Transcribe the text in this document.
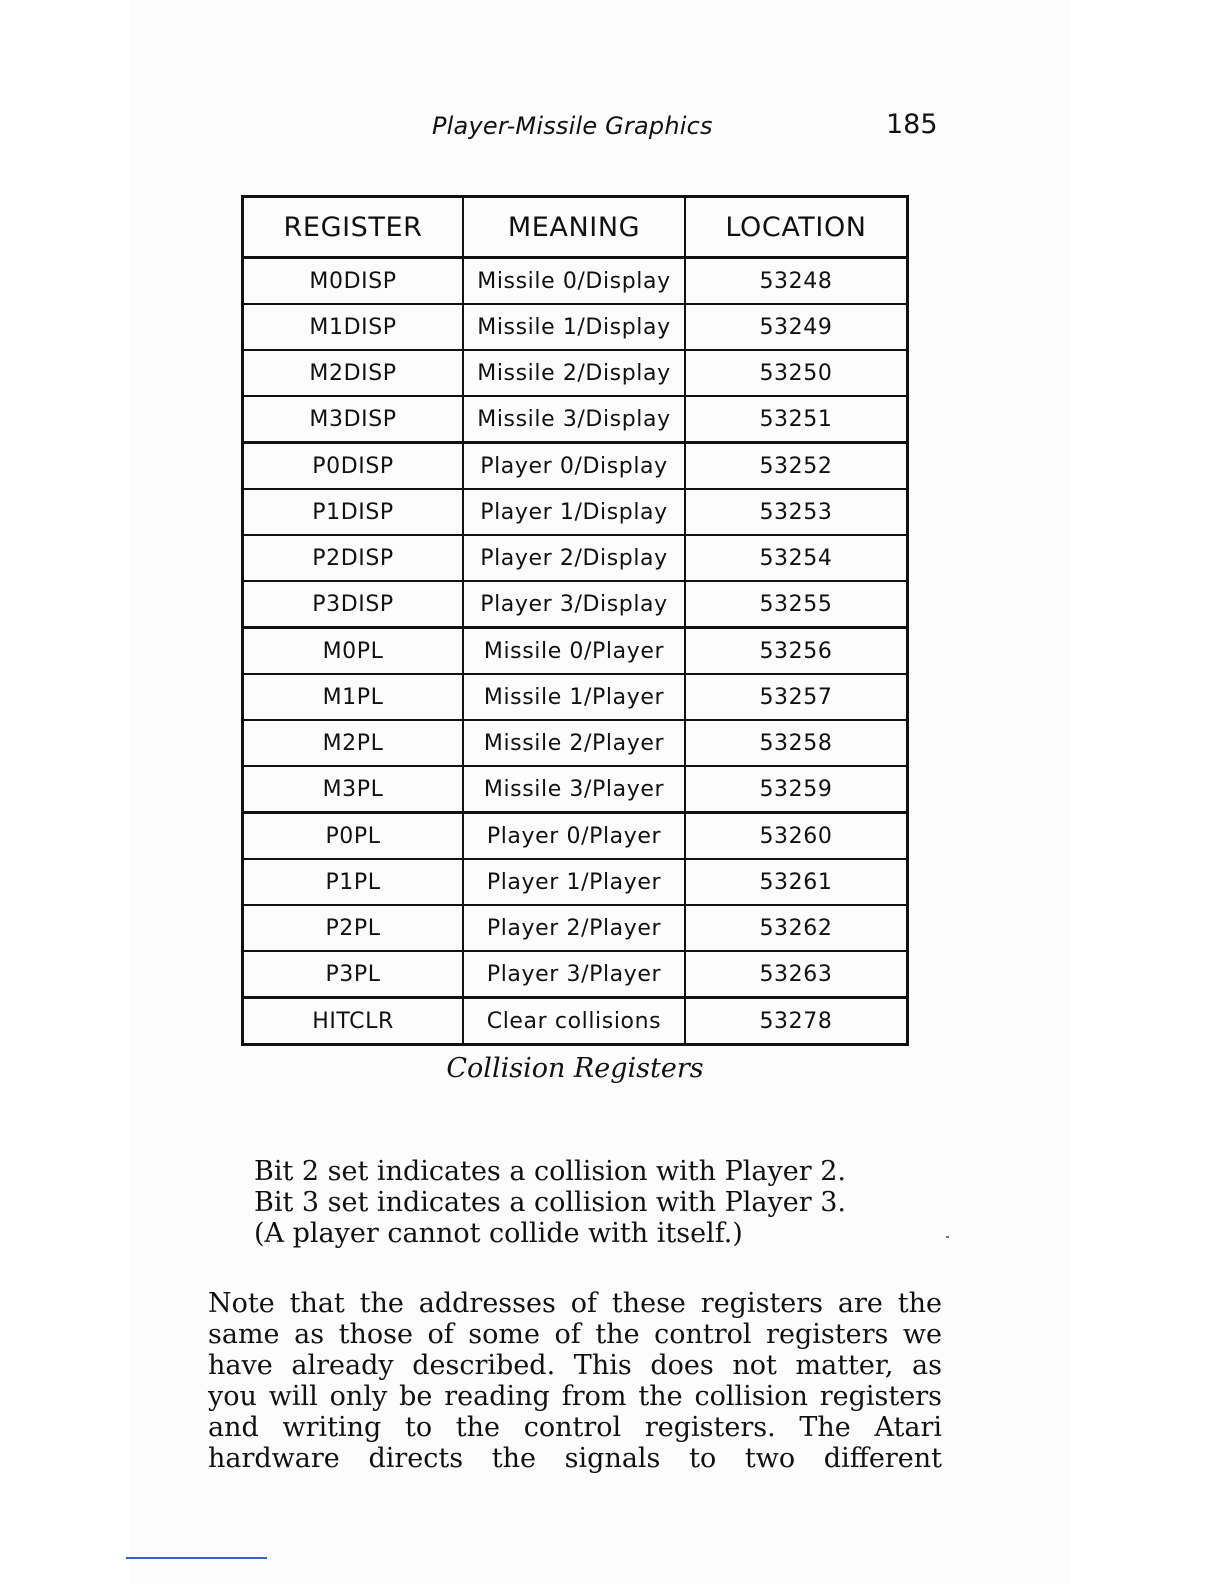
Player-Missile Graphics	185
REGISTER	MEANING	LOCATION
M0DISP	Missile 0/Display	53248
M1DISP	Missile 1/Display	53249
M2DISP	Missile 2/Display	53250
M3DISP	Missile 3/Display	53251
P0DISP	Player 0/Display	53252
P1DISP	Player 1/Display	53253
P2DISP	Player 2/Display	53254
P3DISP	Player 3/Display	53255
M0PL	Missile 0/Player	53256
M1PL	Missile 1/Player	53257
M2PL	Missile 2/Player	53258
M3PL	Missile 3/Player	53259
P0PL	Player 0/Player	53260
P1PL	Player 1/Player	53261
P2PL	Player 2/Player	53262
P3PL	Player 3/Player	53263
HITCLR	Clear collisions	53278
Collision Registers
Bit 2 set indicates a collision with Player 2.
Bit 3 set indicates a collision with Player 3.
(A player cannot collide with itself.)
Note that the addresses of these registers are the
same as those of some of the control registers we
have already described. This does not matter, as
you will only be reading from the collision registers
and writing to the control registers. The Atari
hardware directs the signals to two different
